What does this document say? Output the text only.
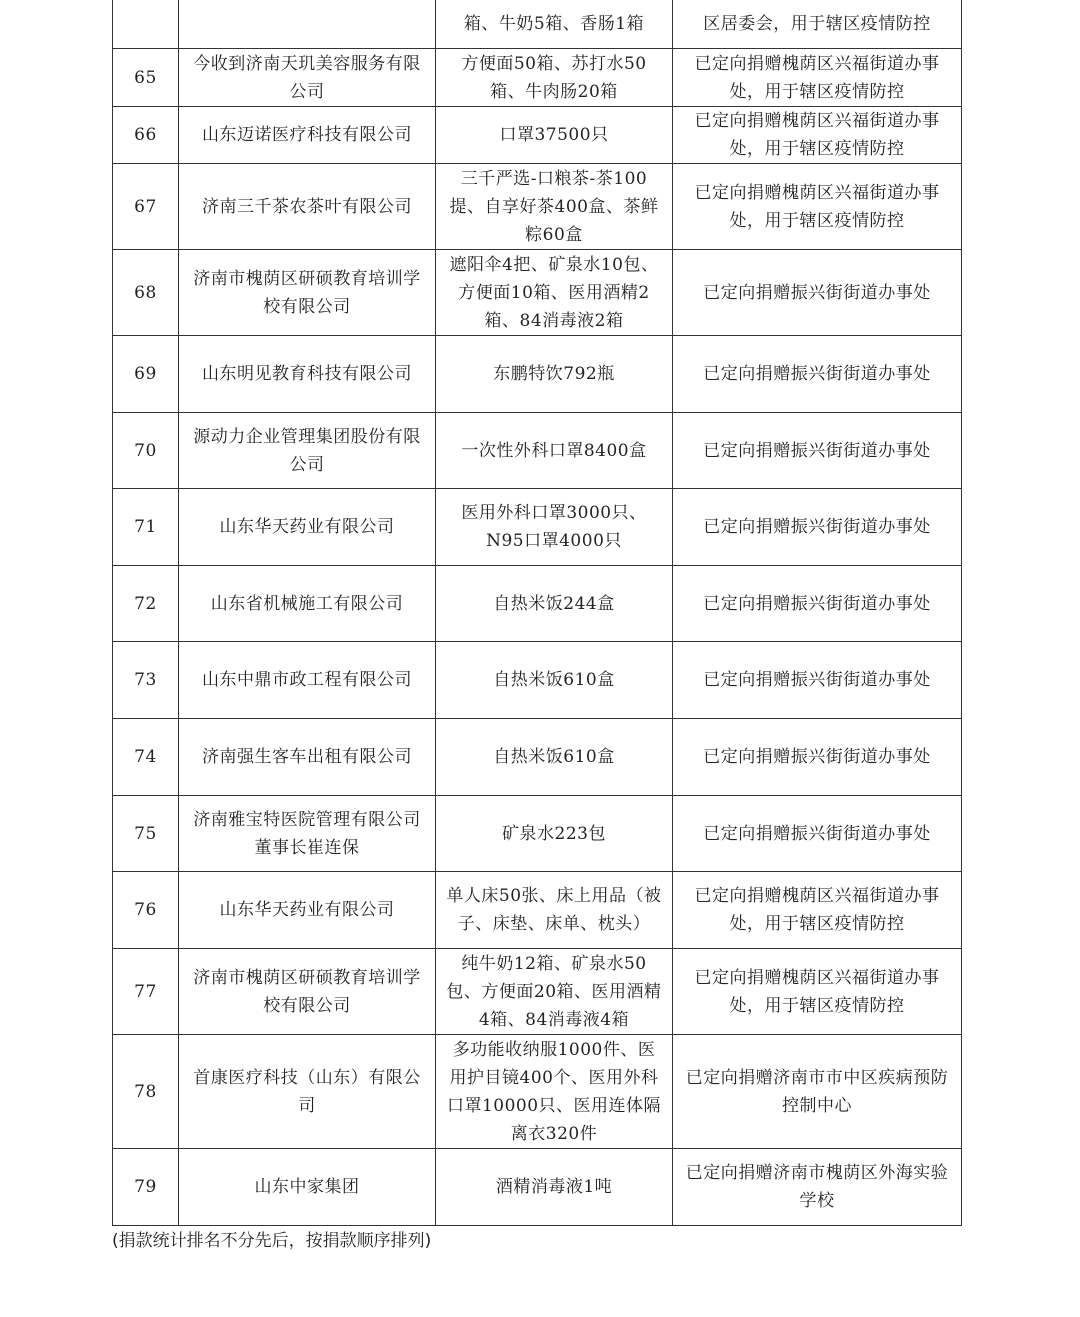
		箱、牛奶5箱、香肠1箱	区居委会，用于辖区疫情防控
65	今收到济南天玑美容服务有限公司	方便面50箱、苏打水50箱、牛肉肠20箱	已定向捐赠槐荫区兴福街道办事处，用于辖区疫情防控
66	山东迈诺医疗科技有限公司	口罩37500只	已定向捐赠槐荫区兴福街道办事处，用于辖区疫情防控
67	济南三千茶农茶叶有限公司	三千严选-口粮茶-茶100提、自享好茶400盒、茶鲜粽60盒	已定向捐赠槐荫区兴福街道办事处，用于辖区疫情防控
68	济南市槐荫区研硕教育培训学校有限公司	遮阳伞4把、矿泉水10包、方便面10箱、医用酒精2箱、84消毒液2箱	已定向捐赠振兴街街道办事处
69	山东明见教育科技有限公司	东鹏特饮792瓶	已定向捐赠振兴街街道办事处
70	源动力企业管理集团股份有限公司	一次性外科口罩8400盒	已定向捐赠振兴街街道办事处
71	山东华天药业有限公司	医用外科口罩3000只、N95口罩4000只	已定向捐赠振兴街街道办事处
72	山东省机械施工有限公司	自热米饭244盒	已定向捐赠振兴街街道办事处
73	山东中鼎市政工程有限公司	自热米饭610盒	已定向捐赠振兴街街道办事处
74	济南强生客车出租有限公司	自热米饭610盒	已定向捐赠振兴街街道办事处
75	济南雅宝特医院管理有限公司董事长崔连保	矿泉水223包	已定向捐赠振兴街街道办事处
76	山东华天药业有限公司	单人床50张、床上用品（被子、床垫、床单、枕头）	已定向捐赠槐荫区兴福街道办事处，用于辖区疫情防控
77	济南市槐荫区研硕教育培训学校有限公司	纯牛奶12箱、矿泉水50包、方便面20箱、医用酒精4箱、84消毒液4箱	已定向捐赠槐荫区兴福街道办事处，用于辖区疫情防控
78	首康医疗科技（山东）有限公司	多功能收纳服1000件、医用护目镜400个、医用外科口罩10000只、医用连体隔离衣320件	已定向捐赠济南市市中区疾病预防控制中心
79	山东中家集团	酒精消毒液1吨	已定向捐赠济南市槐荫区外海实验学校
(捐款统计排名不分先后，按捐款顺序排列)
